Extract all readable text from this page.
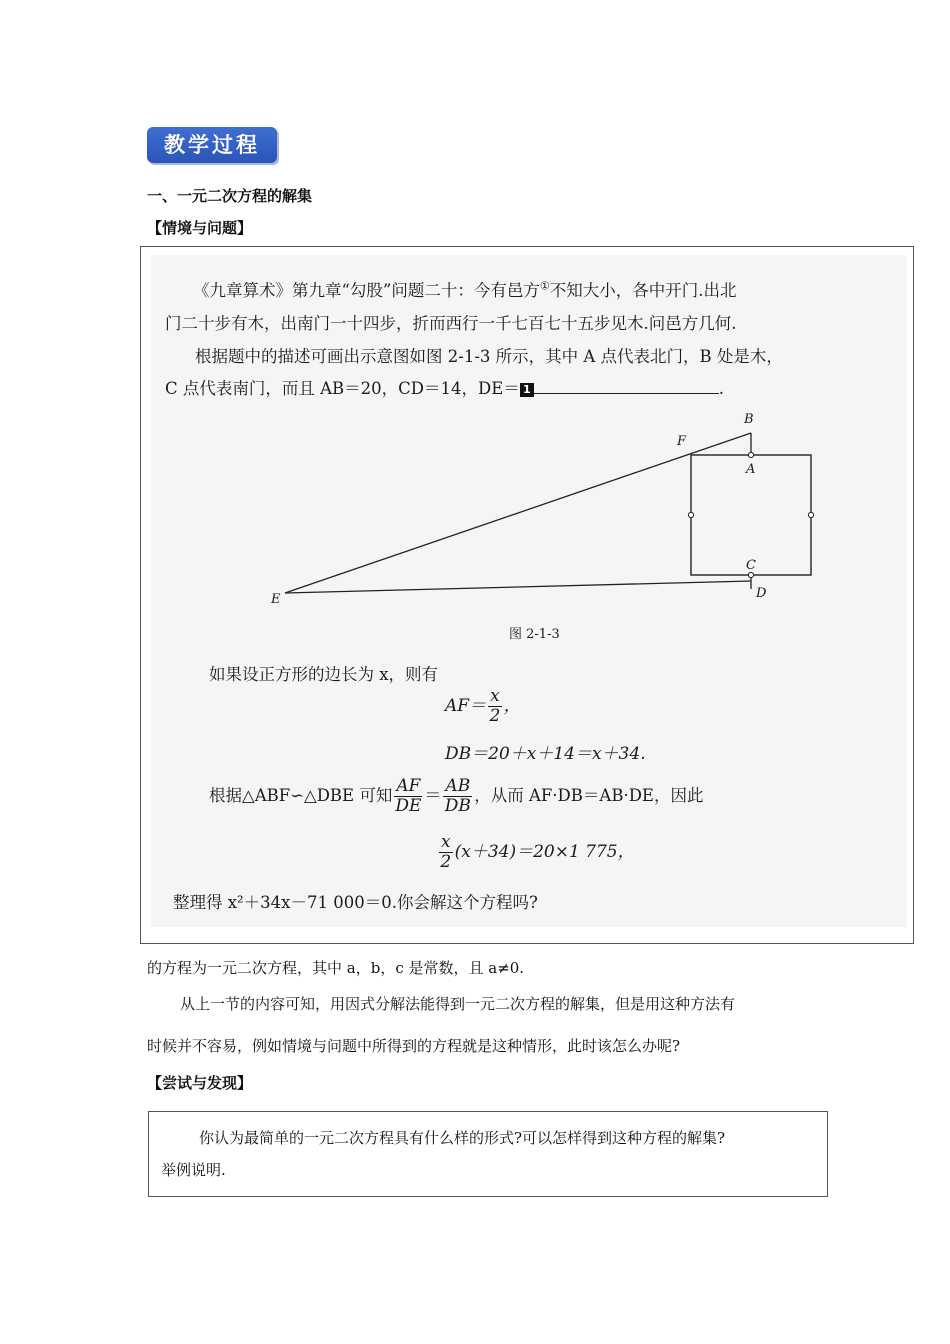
教学过程
一、一元二次方程的解集
【情境与问题】
《九章算术》第九章“勾股”问题二十：今有邑方①不知大小，各中开门.出北
门二十步有木，出南门一十四步，折而西行一千七百七十五步见木.问邑方几何.
根据题中的描述可画出示意图如图 2-1-3 所示，其中 A 点代表北门，B 处是木，
C 点代表南门，而且 AB＝20，CD＝14，DE＝ 1	.
B
F
A
C
D
E
图 2-1-3
如果设正方形的边长为 x，则有
$AF= \frac{x}{2}$ ，
DB＝20＋x＋14＝x＋34.
根据△ABF∽△DBE 可知 $\frac{AF}{DE} = \frac{AB}{DB}$ ，从而 AF·DB＝AB·DE，因此
$\frac{x}{2} (x+34)=20\times 1$ 775，
整理得 x²＋34x－71 000＝0.你会解这个方程吗?
的方程为一元二次方程，其中 a，b，c 是常数，且 a≠0.
从上一节的内容可知，用因式分解法能得到一元二次方程的解集，但是用这种方法有
时候并不容易，例如情境与问题中所得到的方程就是这种情形，此时该怎么办呢?
【尝试与发现】
你认为最简单的一元二次方程具有什么样的形式?可以怎样得到这种方程的解集?
举例说明.
